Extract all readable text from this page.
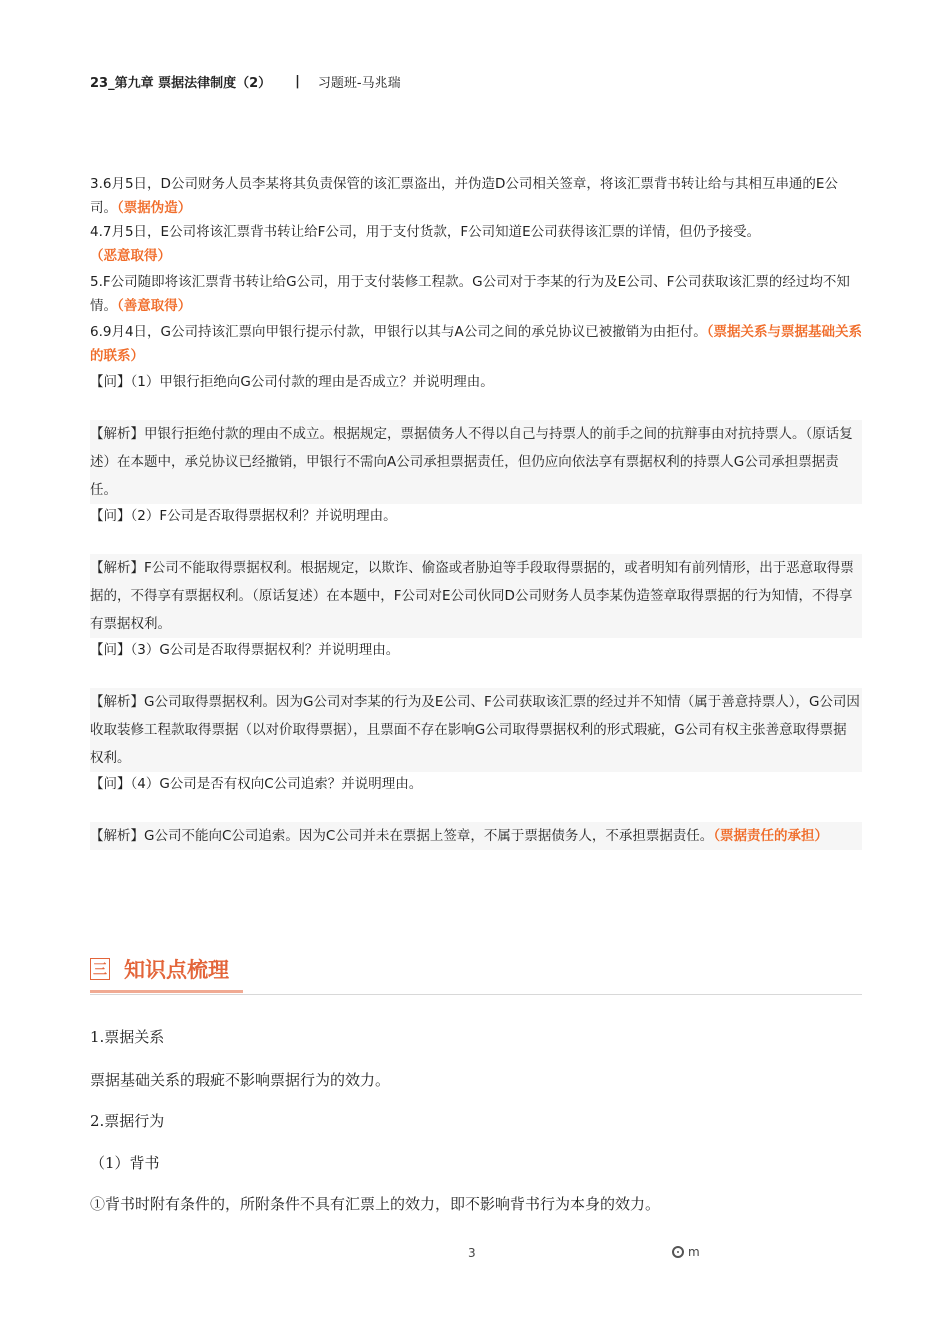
23_第九章 票据法律制度（2） | 习题班-马兆瑞

3.6月5日，D公司财务人员李某将其负责保管的该汇票盗出，并伪造D公司相关签章，将该汇票背书转让给与其相互串通的E公司。（票据伪造）

4.7月5日，E公司将该汇票背书转让给F公司，用于支付货款，F公司知道E公司获得该汇票的详情，但仍予接受。
（恶意取得）

5.F公司随即将该汇票背书转让给G公司，用于支付装修工程款。G公司对于李某的行为及E公司、F公司获取该汇票的经过均不知情。（善意取得）

6.9月4日，G公司持该汇票向甲银行提示付款，甲银行以其与A公司之间的承兑协议已被撤销为由拒付。（票据关系与票据基础关系的联系）

【问】（1）甲银行拒绝向G公司付款的理由是否成立？并说明理由。

【解析】甲银行拒绝付款的理由不成立。根据规定，票据债务人不得以自己与持票人的前手之间的抗辩事由对抗持票人。（原话复述）在本题中，承兑协议已经撤销，甲银行不需向A公司承担票据责任，但仍应向依法享有票据权利的持票人G公司承担票据责任。

【问】（2）F公司是否取得票据权利？并说明理由。

【解析】F公司不能取得票据权利。根据规定，以欺诈、偷盗或者胁迫等手段取得票据的，或者明知有前列情形，出于恶意取得票据的，不得享有票据权利。（原话复述）在本题中，F公司对E公司伙同D公司财务人员李某伪造签章取得票据的行为知情，不得享有票据权利。

【问】（3）G公司是否取得票据权利？并说明理由。

【解析】G公司取得票据权利。因为G公司对李某的行为及E公司、F公司获取该汇票的经过并不知情（属于善意持票人），G公司因收取装修工程款取得票据（以对价取得票据），且票面不存在影响G公司取得票据权利的形式瑕疵，G公司有权主张善意取得票据权利。

【问】（4）G公司是否有权向C公司追索？并说明理由。

【解析】G公司不能向C公司追索。因为C公司并未在票据上签章，不属于票据债务人，不承担票据责任。（票据责任的承担）
三 知识点梳理
1.票据关系
票据基础关系的瑕疵不影响票据行为的效力。
2.票据行为
（1）背书
①背书时附有条件的，所附条件不具有汇票上的效力，即不影响背书行为本身的效力。
3	m
